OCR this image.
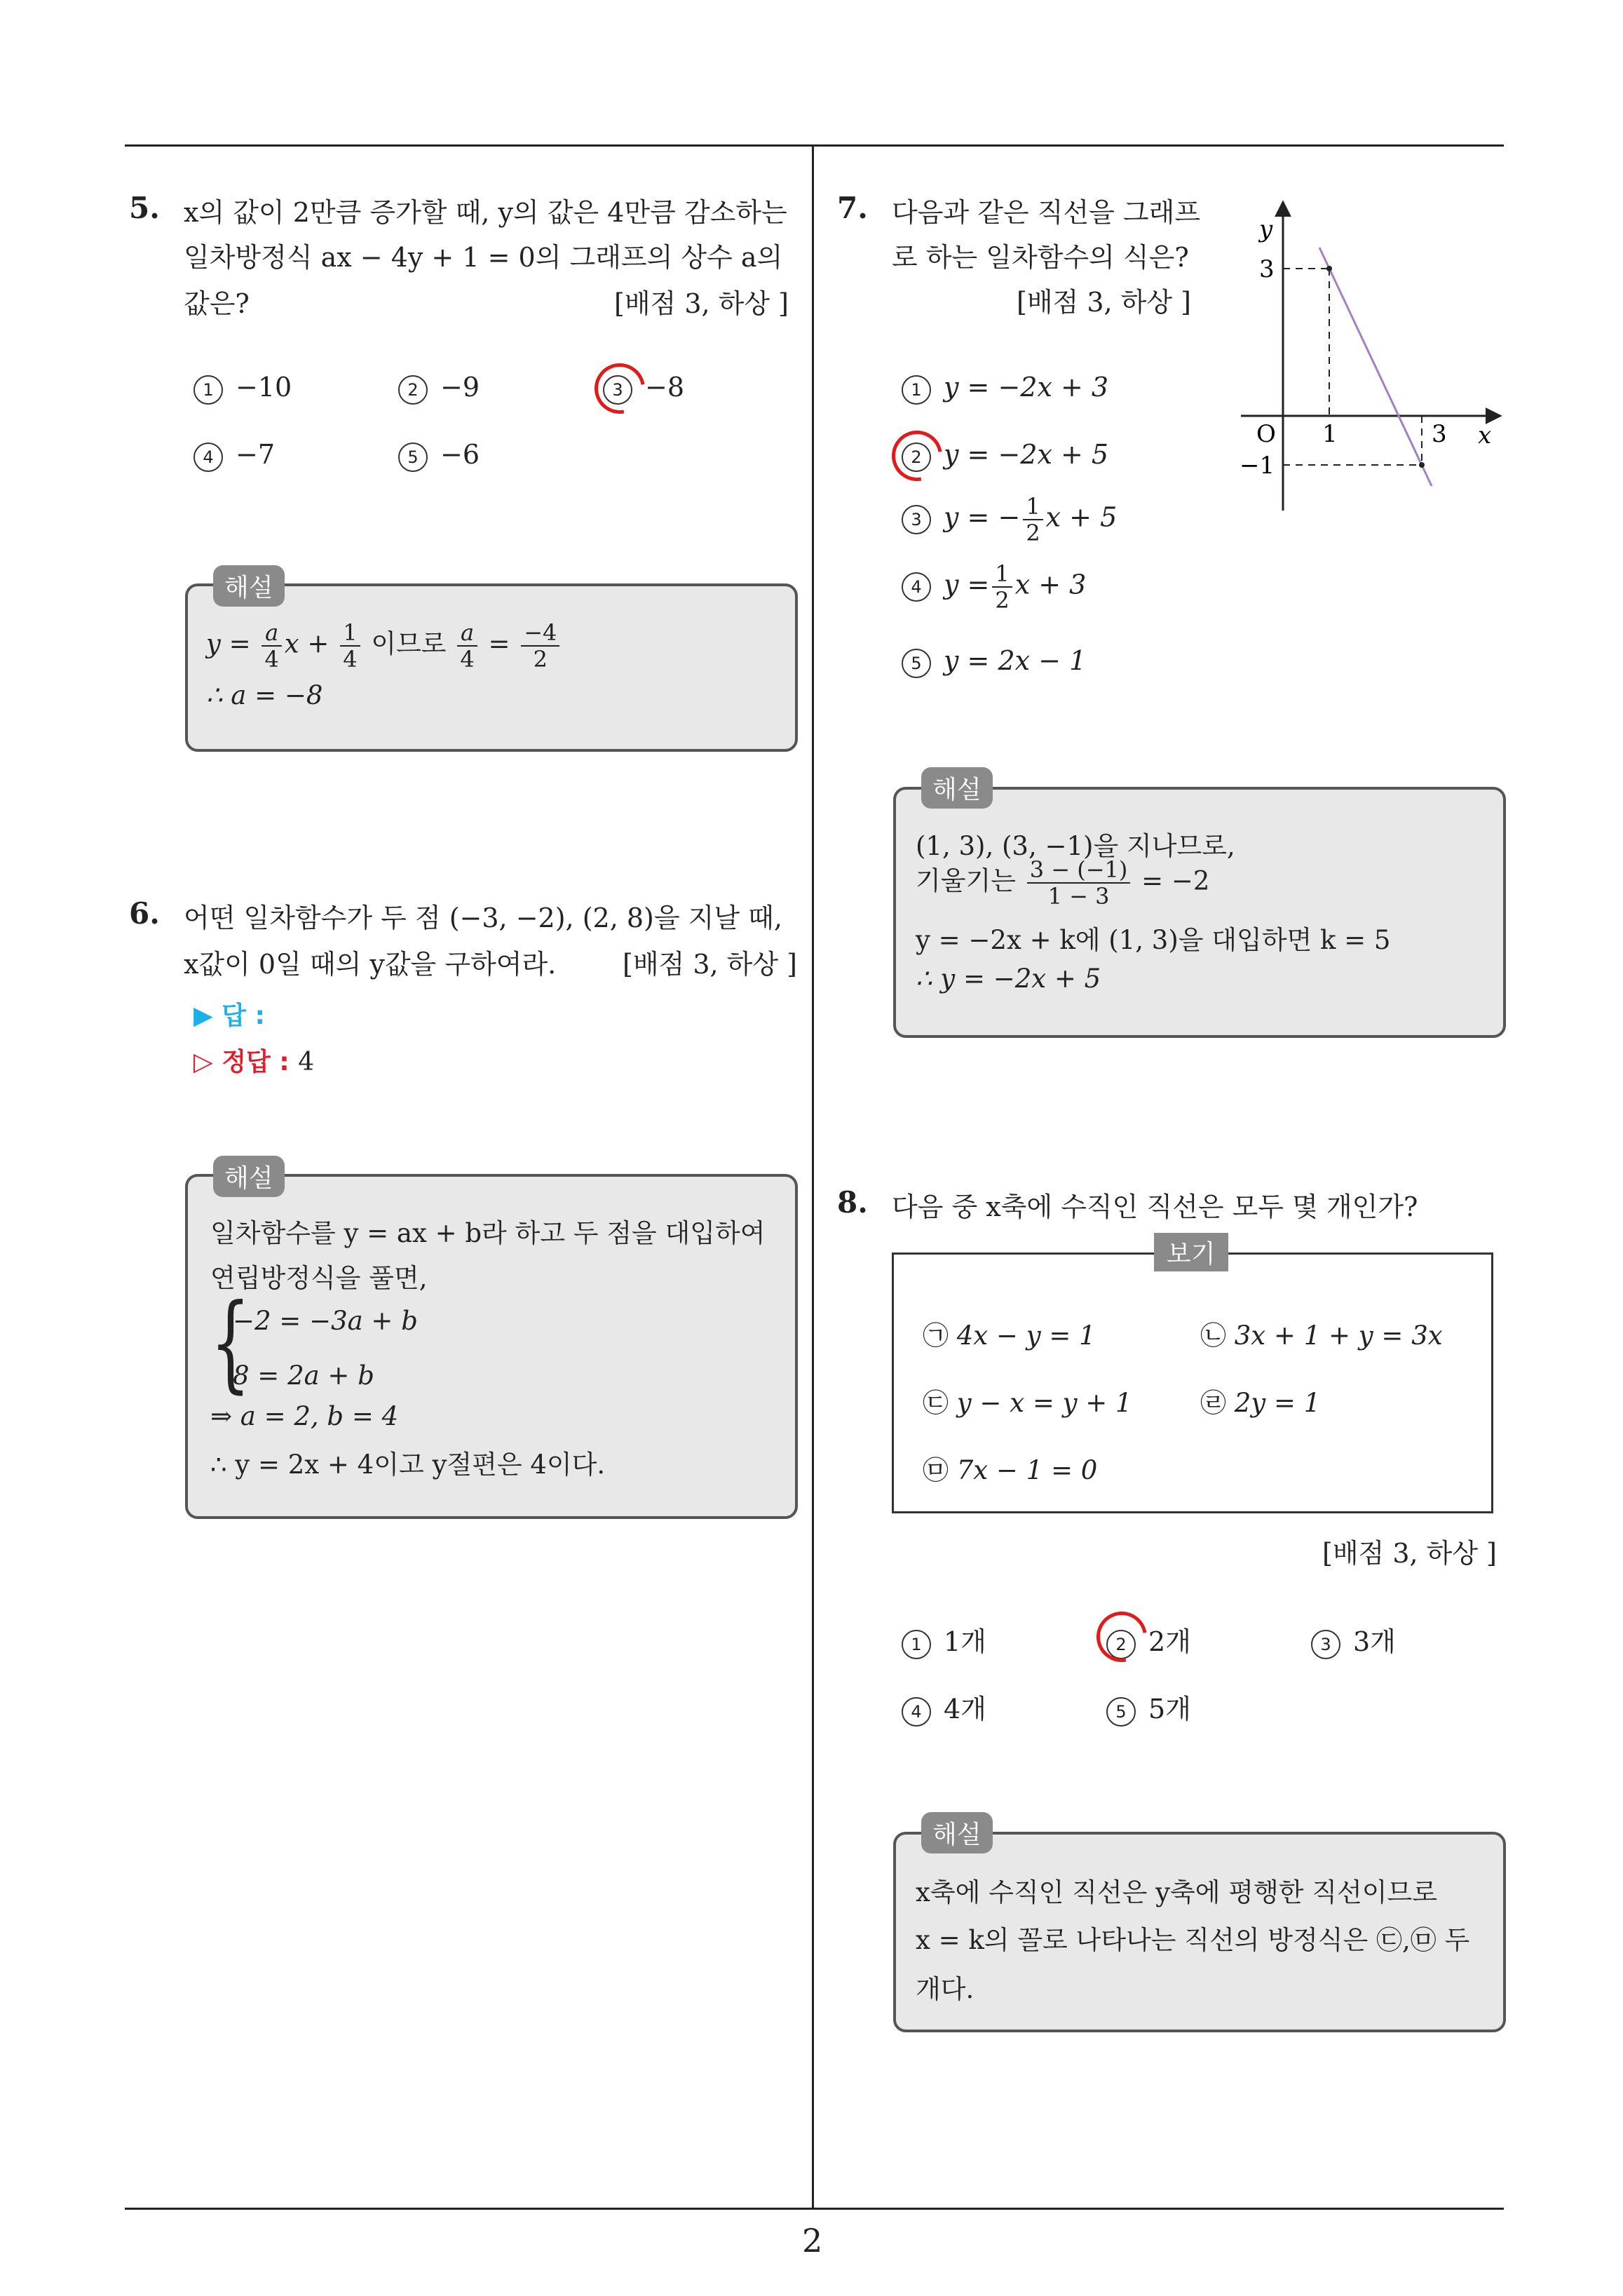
5. x의 값이 2만큼 증가할 때, y의 값은 4만큼 감소하는
일차방정식 ax − 4y + 1 = 0의 그래프의 상수 a의
값은?	[배점 3, 하상 ]
1 −10	2 −9	3 −8
4 −7	5 −6
해설
$y = \frac{a}{4}$ $x + \frac{1}{4}$ 이므로 $\frac{a}{4} = \frac{-4}{2}$
∴ a = −8
6. 어떤 일차함수가 두 점 (−3, −2), (2, 8)을 지날 때,
x값이 0일 때의 y값을 구하여라. [배점 3, 하상 ]
▶ 답 :
▷ 정답 : 4
해설
일차함수를 y = ax + b라 하고 두 점을 대입하여
연립방정식을 풀면,
{
−2 = −3a + b
8 = 2a + b
⇒ a = 2, b = 4
∴ y = 2x + 4이고 y절편은 4이다.
7. 다음과 같은 직선을 그래프
로 하는 일차함수의 식은?
[배점 3, 하상 ]
1 y = −2x + 3
2 y = −2x + 5
3 y = − $\frac{1}{2}$ x + 5
4 $y = \frac{1}{2}$ x + 3
5 y = 2x − 1
y
x
O
3
−1
1	3
해설
(1, 3), (3, −1)을 지나므로,
기울기는 $\frac{3 - (-1)}{1 - 3} = -2$
y = −2x + k에 (1, 3)을 대입하면 k = 5
∴ y = −2x + 5
8. 다음 중 x축에 수직인 직선은 모두 몇 개인가?
보기
㉠ 4x − y = 1	㉡ 3x + 1 + y = 3x
㉢ y − x = y + 1	㉣ 2y = 1
㉤ 7x − 1 = 0
[배점 3, 하상 ]
1 1개	2 2개	3 3개
4 4개	5 5개
해설
x축에 수직인 직선은 y축에 평행한 직선이므로
x = k의 꼴로 나타나는 직선의 방정식은 ㉢,㉤ 두
개다.
2
